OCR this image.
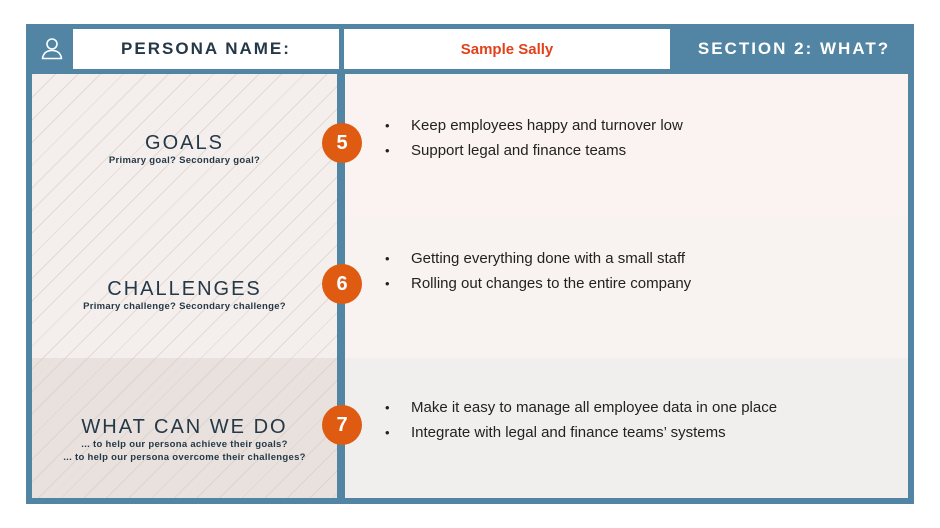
PERSONA NAME:	Sample Sally	SECTION 2: WHAT?
GOALS
Primary goal? Secondary goal?
CHALLENGES
Primary challenge? Secondary challenge?
WHAT CAN WE DO
... to help our persona achieve their goals?
... to help our persona overcome their challenges?
• Keep employees happy and turnover low
• Support legal and finance teams
• Getting everything done with a small staff
• Rolling out changes to the entire company
• Make it easy to manage all employee data in one place
• Integrate with legal and finance teams’ systems
5
6
7
